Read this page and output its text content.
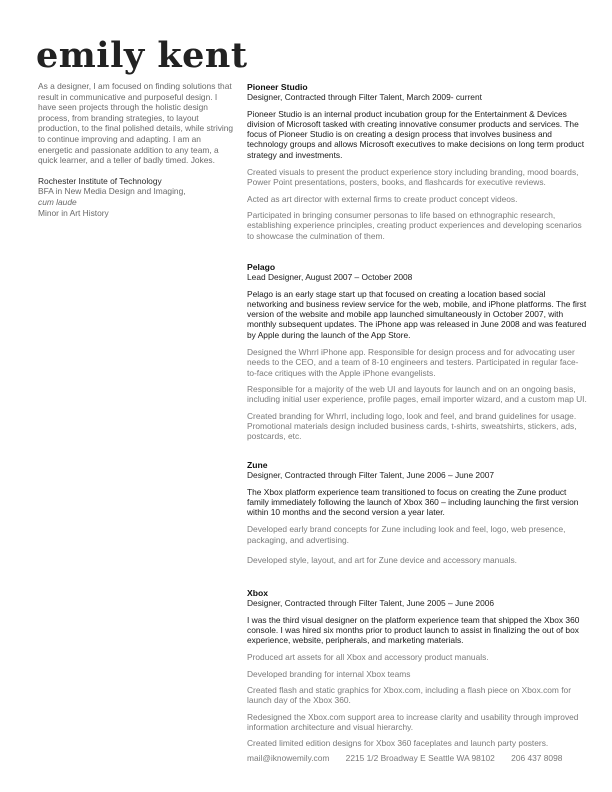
emily kent

As a designer, I am focused on finding solutions that result in communicative and purposeful design. I have seen projects through the holistic design process, from branding strategies, to layout production, to the final polished details, while striving to continue improving and adapting. I am an energetic and passionate addition to any team, a quick learner, and a teller of badly timed. Jokes.

Rochester Institute of Technology

BFA in New Media Design and Imaging,

cum laude

Minor in Art History

Pioneer Studio

Designer, Contracted through Filter Talent, March 2009- current

Pioneer Studio is an internal product incubation group for the Entertainment & Devices division of Microsoft tasked with creating innovative consumer products and services. The focus of Pioneer Studio is on creating a design process that involves business and technology groups and allows Microsoft executives to make decisions on long term product strategy and investments.

Created visuals to present the product experience story including branding, mood boards, Power Point presentations, posters, books, and flashcards for executive reviews.

Acted as art director with external firms to create product concept videos.

Participated in bringing consumer personas to life based on ethnographic research, establishing experience principles, creating product experiences and developing scenarios to showcase the culmination of them.

Pelago

Lead Designer, August 2007 – October 2008

Pelago is an early stage start up that focused on creating a location based social networking and business review service for the web, mobile, and iPhone platforms. The first version of the website and mobile app launched simultaneously in October 2007, with monthly subsequent updates. The iPhone app was released in June 2008 and was featured by Apple during the launch of the App Store.

Designed the Whrrl iPhone app. Responsible for design process and for advocating user needs to the CEO, and a team of 8-10 engineers and testers. Participated in regular face-to-face critiques with the Apple iPhone evangelists.

Responsible for a majority of the web UI and layouts for launch and on an ongoing basis, including initial user experience, profile pages, email importer wizard, and a custom map UI.

Created branding for Whrrl, including logo, look and feel, and brand guidelines for usage. Promotional materials design included business cards, t-shirts, sweatshirts, stickers, ads, postcards, etc.

Zune

Designer, Contracted through Filter Talent, June 2006 – June 2007

The Xbox platform experience team transitioned to focus on creating the Zune product family immediately following the launch of Xbox 360 – including launching the first version within 10 months and the second version a year later.

Developed early brand concepts for Zune including look and feel, logo, web presence, packaging, and advertising.

Developed style, layout, and art for Zune device and accessory manuals.

Xbox

Designer, Contracted through Filter Talent, June 2005 – June 2006

I was the third visual designer on the platform experience team that shipped the Xbox 360 console. I was hired six months prior to product launch to assist in finalizing the out of box experience, website, peripherals, and marketing materials.

Produced art assets for all Xbox and accessory product manuals.

Developed branding for internal Xbox teams

Created flash and static graphics for Xbox.com, including a flash piece on Xbox.com for launch day of the Xbox 360.

Redesigned the Xbox.com support area to increase clarity and usability through improved information architecture and visual hierarchy.

Created limited edition designs for Xbox 360 faceplates and launch party posters.

mail@iknowemily.com 2215 1/2 Broadway E Seattle WA 98102 206 437 8098
